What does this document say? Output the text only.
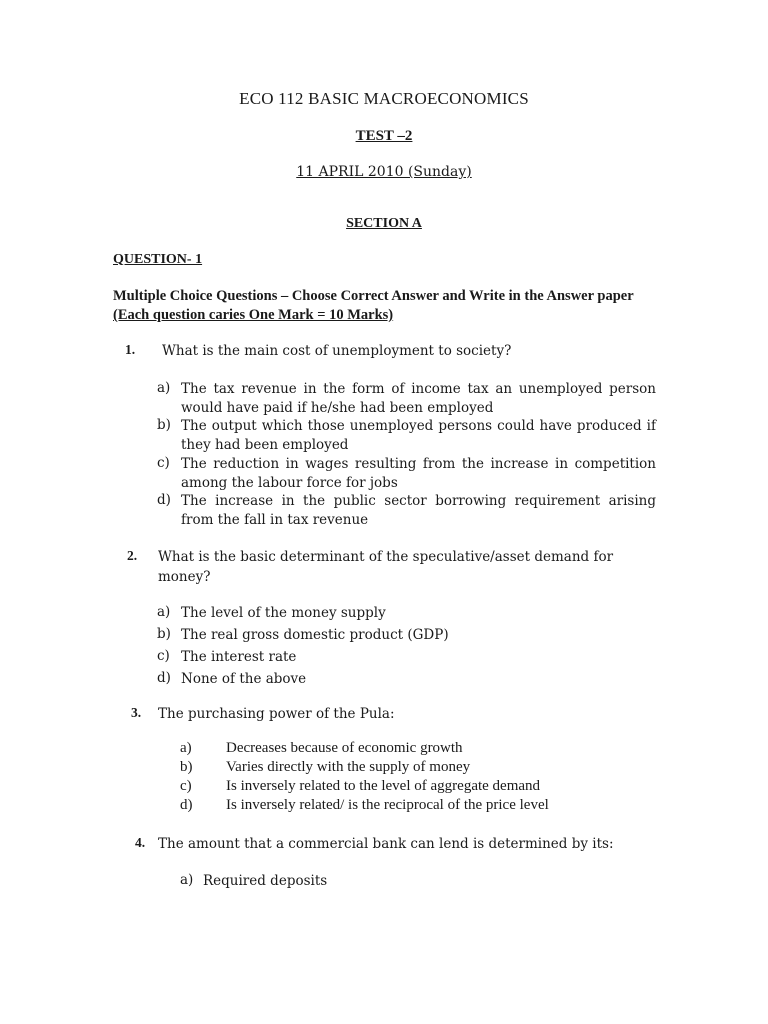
ECO 112 BASIC MACROECONOMICS
TEST –2
11 APRIL 2010 (Sunday)
SECTION A
QUESTION- 1
Multiple Choice Questions – Choose Correct Answer and Write in the Answer paper (Each question caries One Mark = 10 Marks)
1. What is the main cost of unemployment to society?
a) The tax revenue in the form of income tax an unemployed person would have paid if he/she had been employed
b) The output which those unemployed persons could have produced if they had been employed
c) The reduction in wages resulting from the increase in competition among the labour force for jobs
d) The increase in the public sector borrowing requirement arising from the fall in tax revenue
2. What is the basic determinant of the speculative/asset demand for
money?
a) The level of the money supply
b) The real gross domestic product (GDP)
c) The interest rate
d) None of the above
3. The purchasing power of the Pula:
a) Decreases because of economic growth
b) Varies directly with the supply of money
c) Is inversely related to the level of aggregate demand
d) Is inversely related/ is the reciprocal of the price level
4. The amount that a commercial bank can lend is determined by its:
a) Required deposits
